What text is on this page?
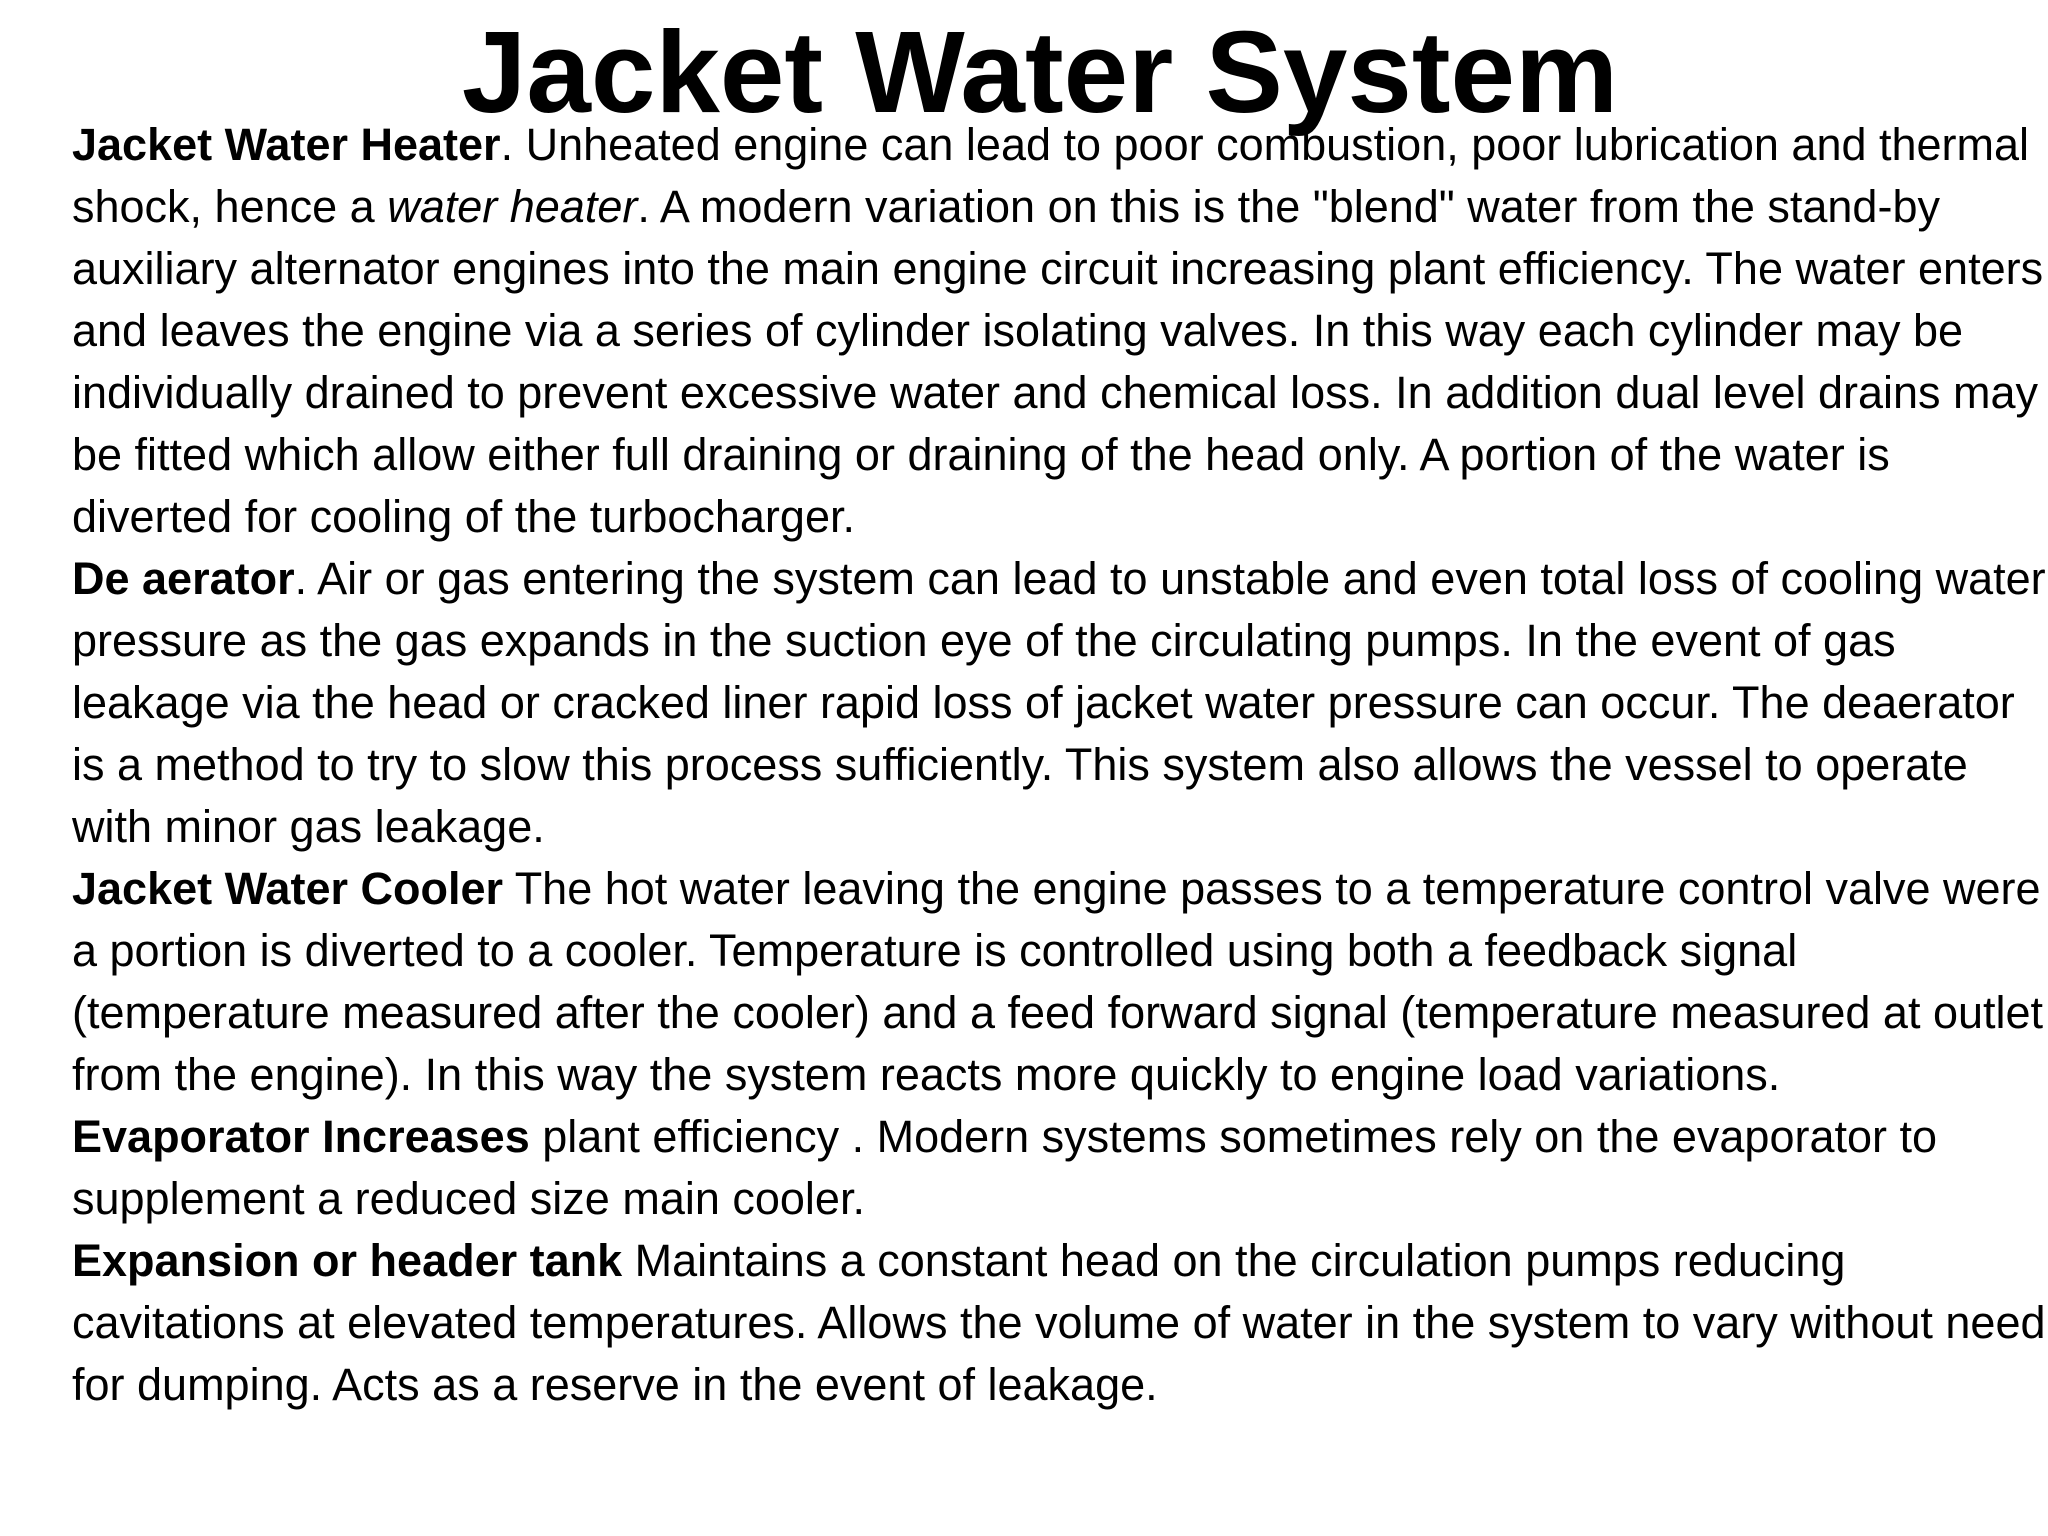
Jacket Water System

Jacket Water Heater. Unheated engine can lead to poor combustion, poor lubrication and thermal shock, hence a water heater. A modern variation on this is the "blend" water from the stand-by auxiliary alternator engines into the main engine circuit increasing plant efficiency. The water enters and leaves the engine via a series of cylinder isolating valves. In this way each cylinder may be individually drained to prevent excessive water and chemical loss. In addition dual level drains may be fitted which allow either full draining or draining of the head only. A portion of the water is diverted for cooling of the turbocharger.

De aerator. Air or gas entering the system can lead to unstable and even total loss of cooling water pressure as the gas expands in the suction eye of the circulating pumps. In the event of gas leakage via the head or cracked liner rapid loss of jacket water pressure can occur. The deaerator is a method to try to slow this process sufficiently. This system also allows the vessel to operate with minor gas leakage.

Jacket Water Cooler The hot water leaving the engine passes to a temperature control valve were a portion is diverted to a cooler. Temperature is controlled using both a feedback signal (temperature measured after the cooler) and a feed forward signal (temperature measured at outlet from the engine). In this way the system reacts more quickly to engine load variations.

Evaporator Increases plant efficiency . Modern systems sometimes rely on the evaporator to supplement a reduced size main cooler.

Expansion or header tank Maintains a constant head on the circulation pumps reducing cavitations at elevated temperatures. Allows the volume of water in the system to vary without need for dumping. Acts as a reserve in the event of leakage.
